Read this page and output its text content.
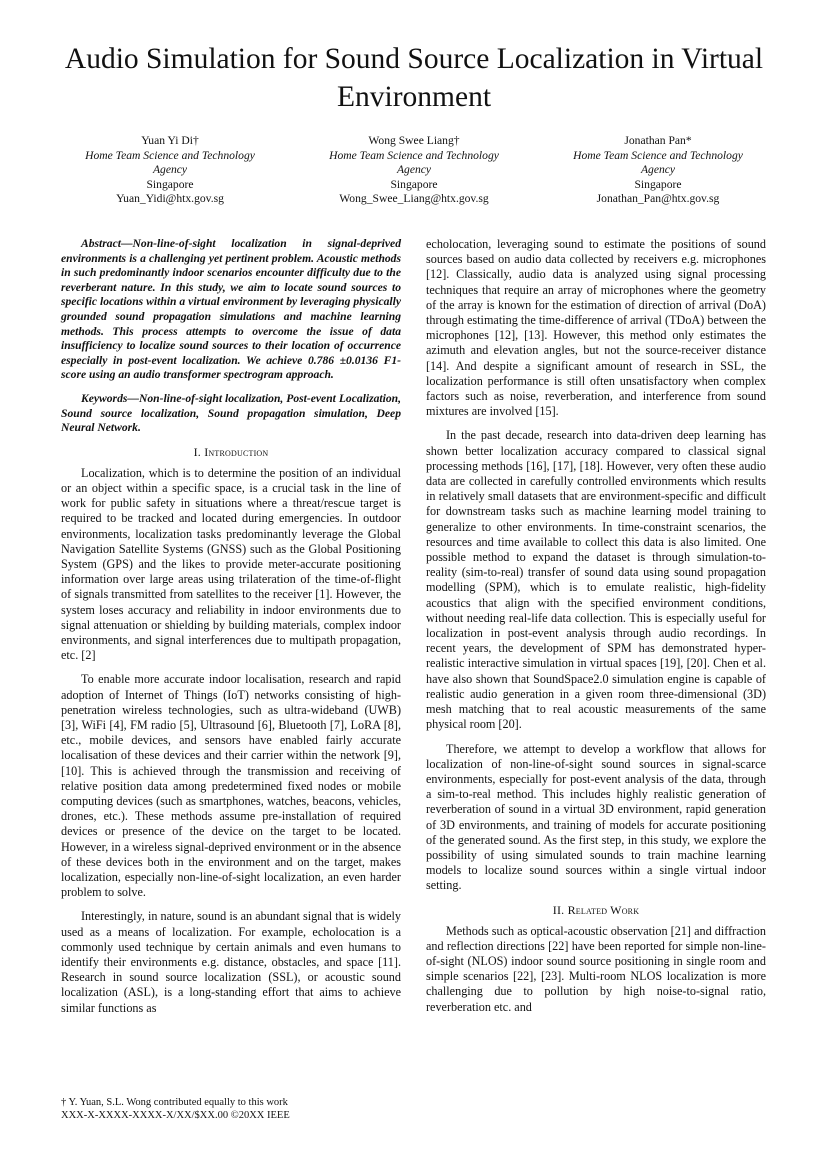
Audio Simulation for Sound Source Localization in Virtual Environment
Yuan Yi Di†
Home Team Science and Technology
Agency
Singapore
Yuan_Yidi@htx.gov.sg
Wong Swee Liang†
Home Team Science and Technology
Agency
Singapore
Wong_Swee_Liang@htx.gov.sg
Jonathan Pan*
Home Team Science and Technology
Agency
Singapore
Jonathan_Pan@htx.gov.sg

Abstract—Non-line-of-sight localization in signal-deprived environments is a challenging yet pertinent problem. Acoustic methods in such predominantly indoor scenarios encounter difficulty due to the reverberant nature. In this study, we aim to locate sound sources to specific locations within a virtual environment by leveraging physically grounded sound propagation simulations and machine learning methods. This process attempts to overcome the issue of data insufficiency to localize sound sources to their location of occurrence especially in post-event localization. We achieve 0.786 ±0.0136 F1-score using an audio transformer spectrogram approach.

Keywords—Non-line-of-sight localization, Post-event Localization, Sound source localization, Sound propagation simulation, Deep Neural Network.

I. Introduction

Localization, which is to determine the position of an individual or an object within a specific space, is a crucial task in the line of work for public safety in situations where a threat/rescue target is required to be tracked and located during emergencies. In outdoor environments, localization tasks predominantly leverage the Global Navigation Satellite Systems (GNSS) such as the Global Positioning System (GPS) and the likes to provide meter-accurate positioning information over large areas using trilateration of the time-of-flight of signals transmitted from satellites to the receiver [1]. However, the system loses accuracy and reliability in indoor environments due to signal attenuation or shielding by building materials, complex indoor environments, and signal interferences due to multipath propagation, etc. [2]

To enable more accurate indoor localisation, research and rapid adoption of Internet of Things (IoT) networks consisting of high-penetration wireless technologies, such as ultra-wideband (UWB) [3], WiFi [4], FM radio [5], Ultrasound [6], Bluetooth [7], LoRA [8], etc., mobile devices, and sensors have enabled fairly accurate localisation of these devices and their carrier within the network [9], [10]. This is achieved through the transmission and receiving of relative position data among predetermined fixed nodes or mobile computing devices (such as smartphones, watches, beacons, vehicles, drones, etc.). These methods assume pre-installation of required devices or presence of the device on the target to be located. However, in a wireless signal-deprived environment or in the absence of these devices both in the environment and on the target, makes localization, especially non-line-of-sight localization, an even harder problem to solve.

Interestingly, in nature, sound is an abundant signal that is widely used as a means of localization. For example, echolocation is a commonly used technique by certain animals and even humans to identify their environments e.g. distance, obstacles, and space [11]. Research in sound source localization (SSL), or acoustic sound localization (ASL), is a long-standing effort that aims to achieve similar functions as

echolocation, leveraging sound to estimate the positions of sound sources based on audio data collected by receivers e.g. microphones [12]. Classically, audio data is analyzed using signal processing techniques that require an array of microphones where the geometry of the array is known for the estimation of direction of arrival (DoA) through estimating the time-difference of arrival (TDoA) between the microphones [12], [13]. However, this method only estimates the azimuth and elevation angles, but not the source-receiver distance [14]. And despite a significant amount of research in SSL, the localization performance is still often unsatisfactory when complex factors such as noise, reverberation, and interference from sound mixtures are involved [15].

In the past decade, research into data-driven deep learning has shown better localization accuracy compared to classical signal processing methods [16], [17], [18]. However, very often these audio data are collected in carefully controlled environments which results in relatively small datasets that are environment-specific and difficult for downstream tasks such as machine learning model training to generalize to other environments. In time-constraint scenarios, the resources and time available to collect this data is also limited. One possible method to expand the dataset is through simulation-to-reality (sim-to-real) transfer of sound data using sound propagation modelling (SPM), which is to emulate realistic, high-fidelity acoustics that align with the specified environment conditions, without needing real-life data collection. This is especially useful for localization in post-event analysis through audio recordings. In recent years, the development of SPM has demonstrated hyper-realistic interactive simulation in virtual spaces [19], [20]. Chen et al. have also shown that SoundSpace2.0 simulation engine is capable of realistic audio generation in a given room three-dimensional (3D) mesh matching that to real acoustic measurements of the same physical room [20].

Therefore, we attempt to develop a workflow that allows for localization of non-line-of-sight sound sources in signal-scarce environments, especially for post-event analysis of the data, through a sim-to-real method. This includes highly realistic generation of reverberation of sound in a virtual 3D environment, rapid generation of 3D environments, and training of models for accurate positioning of the generated sound. As the first step, in this study, we explore the possibility of using simulated sounds to train machine learning models to localize sound sources within a single virtual indoor setting.

II. Related Work

Methods such as optical-acoustic observation [21] and diffraction and reflection directions [22] have been reported for simple non-line-of-sight (NLOS) indoor sound source positioning in single room and simple scenarios [22], [23]. Multi-room NLOS localization is more challenging due to pollution by high noise-to-signal ratio, reverberation etc. and

† Y. Yuan, S.L. Wong contributed equally to this work
XXX-X-XXXX-XXXX-X/XX/$XX.00 ©20XX IEEE
